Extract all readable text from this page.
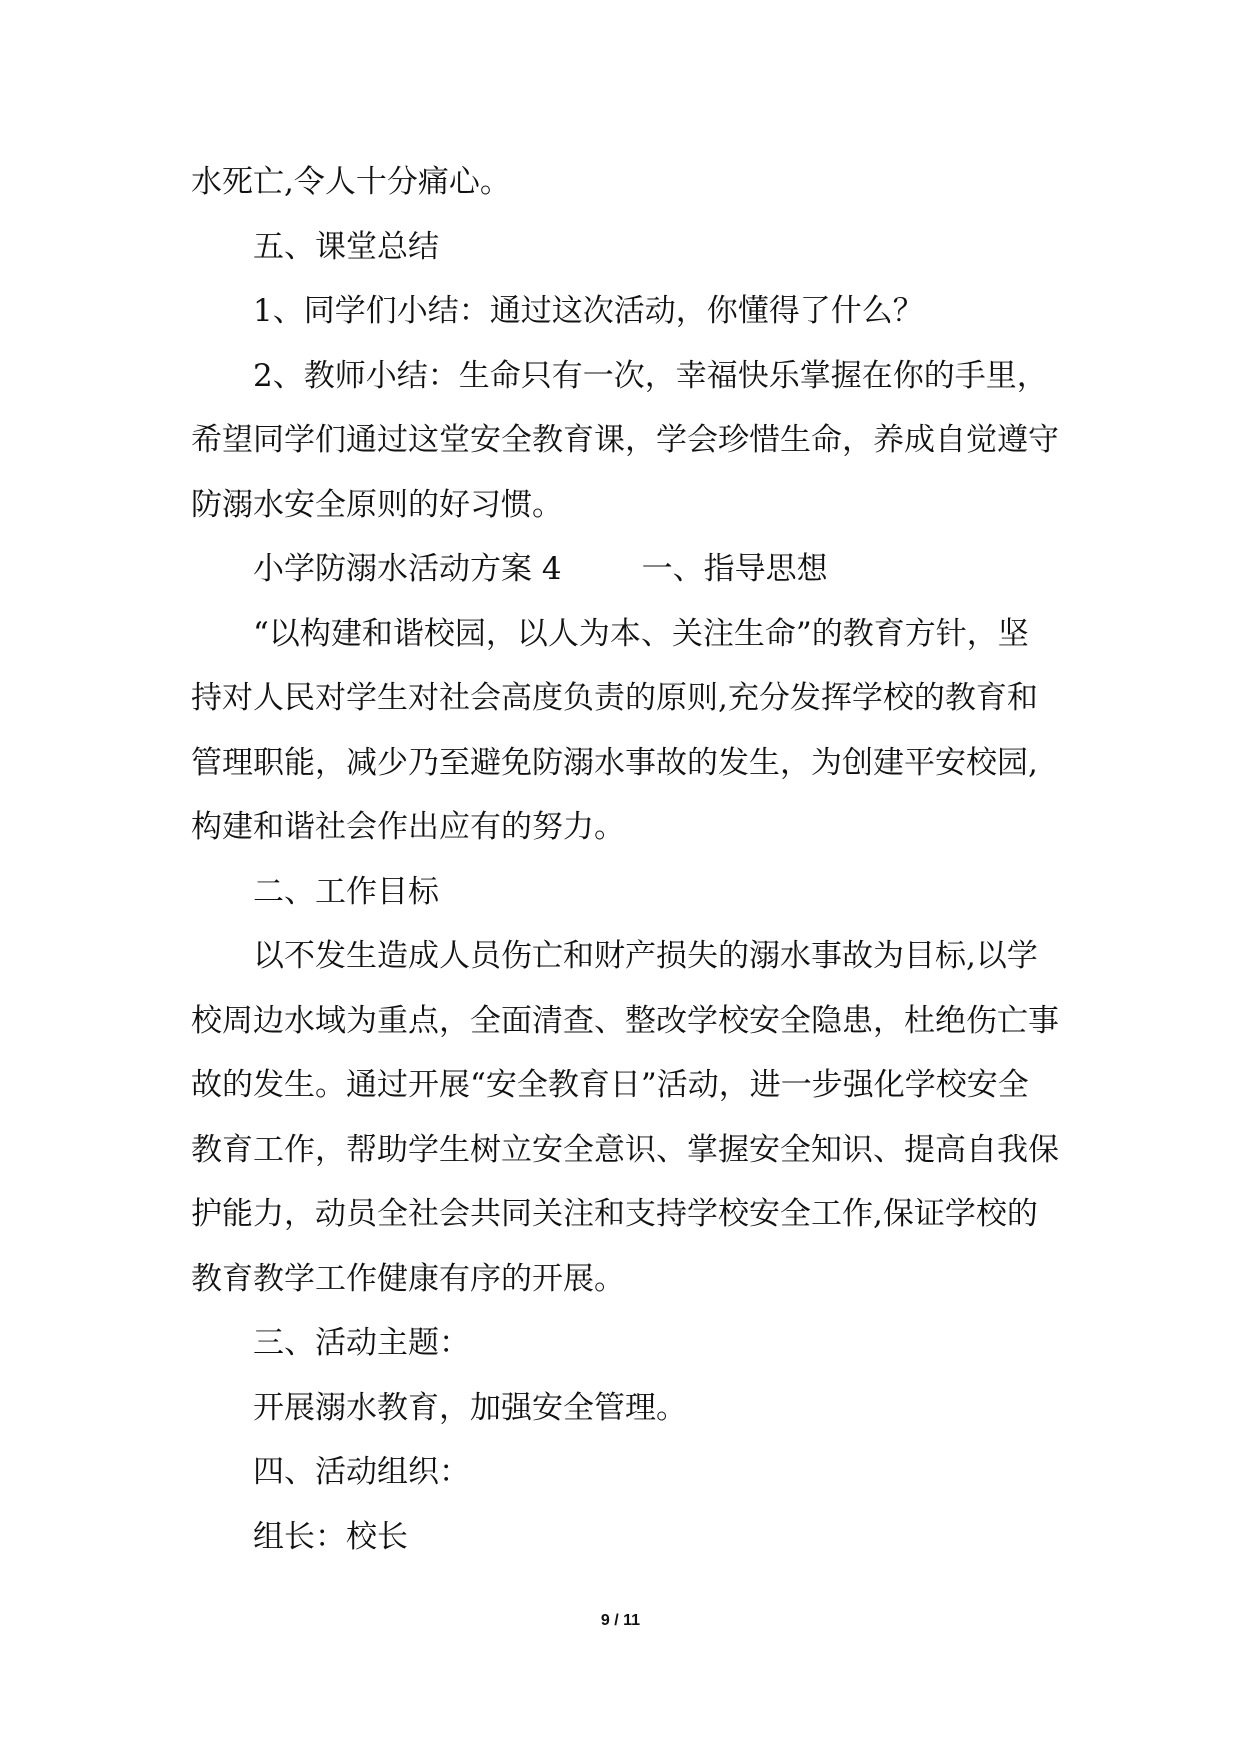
水死亡,令人十分痛心。

五、课堂总结

1、同学们小结：通过这次活动，你懂得了什么？

2、教师小结：生命只有一次，幸福快乐掌握在你的手里，

希望同学们通过这堂安全教育课，学会珍惜生命，养成自觉遵守

防溺水安全原则的好习惯。

小学防溺水活动方案 4	一、指导思想

“以构建和谐校园，以人为本、关注生命”的教育方针，坚

持对人民对学生对社会高度负责的原则,充分发挥学校的教育和

管理职能，减少乃至避免防溺水事故的发生，为创建平安校园,

构建和谐社会作出应有的努力。

二、工作目标

以不发生造成人员伤亡和财产损失的溺水事故为目标,以学

校周边水域为重点，全面清查、整改学校安全隐患，杜绝伤亡事

故的发生。通过开展“安全教育日”活动，进一步强化学校安全

教育工作，帮助学生树立安全意识、掌握安全知识、提高自我保

护能力，动员全社会共同关注和支持学校安全工作,保证学校的

教育教学工作健康有序的开展。

三、活动主题：

开展溺水教育，加强安全管理。

四、活动组织：

组长：校长

9 / 11
